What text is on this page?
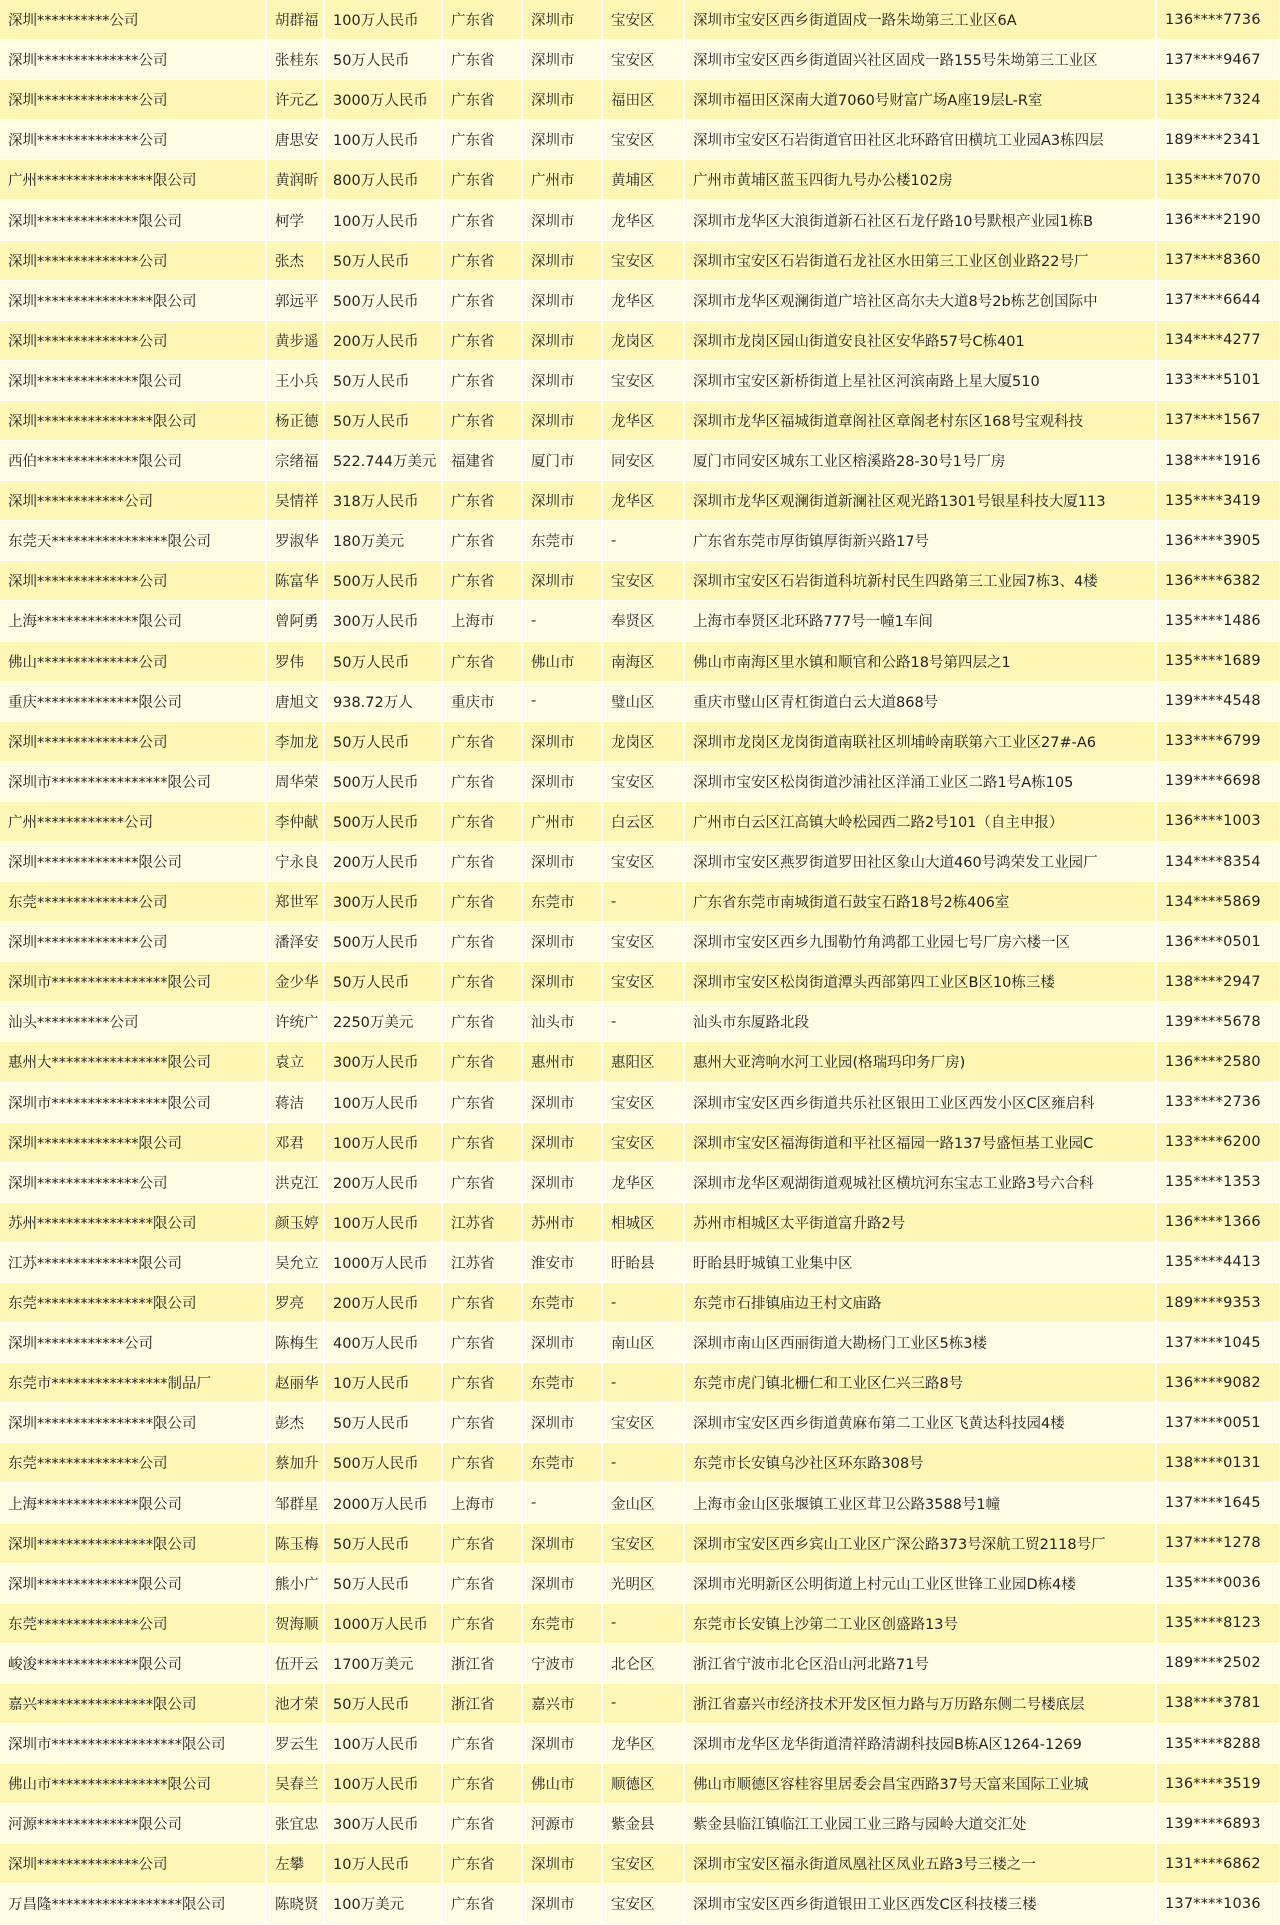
深圳**********公司	胡群福	100万人民币	广东省	深圳市	宝安区	深圳市宝安区西乡街道固戍一路朱坳第三工业区6A	136****7736
深圳**************公司	张桂东	50万人民币	广东省	深圳市	宝安区	深圳市宝安区西乡街道固兴社区固戍一路155号朱坳第三工业区	137****9467
深圳**************公司	许元乙	3000万人民币	广东省	深圳市	福田区	深圳市福田区深南大道7060号财富广场A座19层L-R室	135****7324
深圳**************公司	唐思安	100万人民币	广东省	深圳市	宝安区	深圳市宝安区石岩街道官田社区北环路官田横坑工业园A3栋四层	189****2341
广州****************限公司	黄润昕	800万人民币	广东省	广州市	黄埔区	广州市黄埔区蓝玉四街九号办公楼102房	135****7070
深圳**************限公司	柯学	100万人民币	广东省	深圳市	龙华区	深圳市龙华区大浪街道新石社区石龙仔路10号默根产业园1栋B	136****2190
深圳**************公司	张杰	50万人民币	广东省	深圳市	宝安区	深圳市宝安区石岩街道石龙社区水田第三工业区创业路22号厂	137****8360
深圳****************限公司	郭远平	500万人民币	广东省	深圳市	龙华区	深圳市龙华区观澜街道广培社区高尔夫大道8号2b栋艺创国际中	137****6644
深圳**************公司	黄步遥	200万人民币	广东省	深圳市	龙岗区	深圳市龙岗区园山街道安良社区安华路57号C栋401	134****4277
深圳**************限公司	王小兵	50万人民币	广东省	深圳市	宝安区	深圳市宝安区新桥街道上星社区河滨南路上星大厦510	133****5101
深圳****************限公司	杨正德	50万人民币	广东省	深圳市	龙华区	深圳市龙华区福城街道章阁社区章阁老村东区168号宝观科技	137****1567
西伯**************限公司	宗绪福	522.744万美元	福建省	厦门市	同安区	厦门市同安区城东工业区榕溪路28-30号1号厂房	138****1916
深圳************公司	吴情祥	318万人民币	广东省	深圳市	龙华区	深圳市龙华区观澜街道新澜社区观光路1301号银星科技大厦113	135****3419
东莞天****************限公司	罗淑华	180万美元	广东省	东莞市	-	广东省东莞市厚街镇厚街新兴路17号	136****3905
深圳**************公司	陈富华	500万人民币	广东省	深圳市	宝安区	深圳市宝安区石岩街道科坑新村民生四路第三工业园7栋3、4楼	136****6382
上海**************限公司	曾阿勇	300万人民币	上海市	-	奉贤区	上海市奉贤区北环路777号一幢1车间	135****1486
佛山**************公司	罗伟	50万人民币	广东省	佛山市	南海区	佛山市南海区里水镇和顺官和公路18号第四层之1	135****1689
重庆**************限公司	唐旭文	938.72万人	重庆市	-	璧山区	重庆市璧山区青杠街道白云大道868号	139****4548
深圳**************公司	李加龙	50万人民币	广东省	深圳市	龙岗区	深圳市龙岗区龙岗街道南联社区圳埔岭南联第六工业区27#-A6	133****6799
深圳市****************限公司	周华荣	500万人民币	广东省	深圳市	宝安区	深圳市宝安区松岗街道沙浦社区洋涌工业区二路1号A栋105	139****6698
广州************公司	李仲献	500万人民币	广东省	广州市	白云区	广州市白云区江高镇大岭松园西二路2号101（自主申报）	136****1003
深圳**************限公司	宁永良	200万人民币	广东省	深圳市	宝安区	深圳市宝安区燕罗街道罗田社区象山大道460号鸿荣发工业园厂	134****8354
东莞**************公司	郑世军	300万人民币	广东省	东莞市	-	广东省东莞市南城街道石鼓宝石路18号2栋406室	134****5869
深圳**************公司	潘泽安	500万人民币	广东省	深圳市	宝安区	深圳市宝安区西乡九围勒竹角鸿都工业园七号厂房六楼一区	136****0501
深圳市****************限公司	金少华	50万人民币	广东省	深圳市	宝安区	深圳市宝安区松岗街道潭头西部第四工业区B区10栋三楼	138****2947
汕头**********公司	许统广	2250万美元	广东省	汕头市	-	汕头市东厦路北段	139****5678
惠州大****************限公司	袁立	300万人民币	广东省	惠州市	惠阳区	惠州大亚湾响水河工业园(格瑞玛印务厂房)	136****2580
深圳市****************限公司	蒋洁	100万人民币	广东省	深圳市	宝安区	深圳市宝安区西乡街道共乐社区银田工业区西发小区C区雍启科	133****2736
深圳**************限公司	邓君	100万人民币	广东省	深圳市	宝安区	深圳市宝安区福海街道和平社区福园一路137号盛恒基工业园C	133****6200
深圳**************公司	洪克江	200万人民币	广东省	深圳市	龙华区	深圳市龙华区观湖街道观城社区横坑河东宝志工业路3号六合科	135****1353
苏州****************限公司	颜玉婷	100万人民币	江苏省	苏州市	相城区	苏州市相城区太平街道富升路2号	136****1366
江苏**************限公司	吴允立	1000万人民币	江苏省	淮安市	盱眙县	盱眙县盱城镇工业集中区	135****4413
东莞****************限公司	罗亮	200万人民币	广东省	东莞市	-	东莞市石排镇庙边王村文庙路	189****9353
深圳************公司	陈梅生	400万人民币	广东省	深圳市	南山区	深圳市南山区西丽街道大勘杨门工业区5栋3楼	137****1045
东莞市****************制品厂	赵丽华	10万人民币	广东省	东莞市	-	东莞市虎门镇北栅仁和工业区仁兴三路8号	136****9082
深圳****************限公司	彭杰	50万人民币	广东省	深圳市	宝安区	深圳市宝安区西乡街道黄麻布第二工业区飞黄达科技园4楼	137****0051
东莞**************公司	蔡加升	500万人民币	广东省	东莞市	-	东莞市长安镇乌沙社区环东路308号	138****0131
上海**************限公司	邹群星	2000万人民币	上海市	-	金山区	上海市金山区张堰镇工业区茸卫公路3588号1幢	137****1645
深圳****************限公司	陈玉梅	50万人民币	广东省	深圳市	宝安区	深圳市宝安区西乡宾山工业区广深公路373号深航工贸2118号厂	137****1278
深圳**************限公司	熊小广	50万人民币	广东省	深圳市	光明区	深圳市光明新区公明街道上村元山工业区世锋工业园D栋4楼	135****0036
东莞**************公司	贺海顺	1000万人民币	广东省	东莞市	-	东莞市长安镇上沙第二工业区创盛路13号	135****8123
峻浚**************限公司	伍开云	1700万美元	浙江省	宁波市	北仑区	浙江省宁波市北仑区沿山河北路71号	189****2502
嘉兴****************限公司	池才荣	50万人民币	浙江省	嘉兴市	-	浙江省嘉兴市经济技术开发区恒力路与万历路东侧二号楼底层	138****3781
深圳市******************限公司	罗云生	100万人民币	广东省	深圳市	龙华区	深圳市龙华区龙华街道清祥路清湖科技园B栋A区1264-1269	135****8288
佛山市****************限公司	吴春兰	100万人民币	广东省	佛山市	顺德区	佛山市顺德区容桂容里居委会昌宝西路37号天富来国际工业城	136****3519
河源**************限公司	张宜忠	300万人民币	广东省	河源市	紫金县	紫金县临江镇临江工业园工业三路与园岭大道交汇处	139****6893
深圳**************公司	左攀	10万人民币	广东省	深圳市	宝安区	深圳市宝安区福永街道凤凰社区凤业五路3号三楼之一	131****6862
万昌隆******************限公司	陈晓贤	100万美元	广东省	深圳市	宝安区	深圳市宝安区西乡街道银田工业区西发C区科技楼三楼	137****1036
